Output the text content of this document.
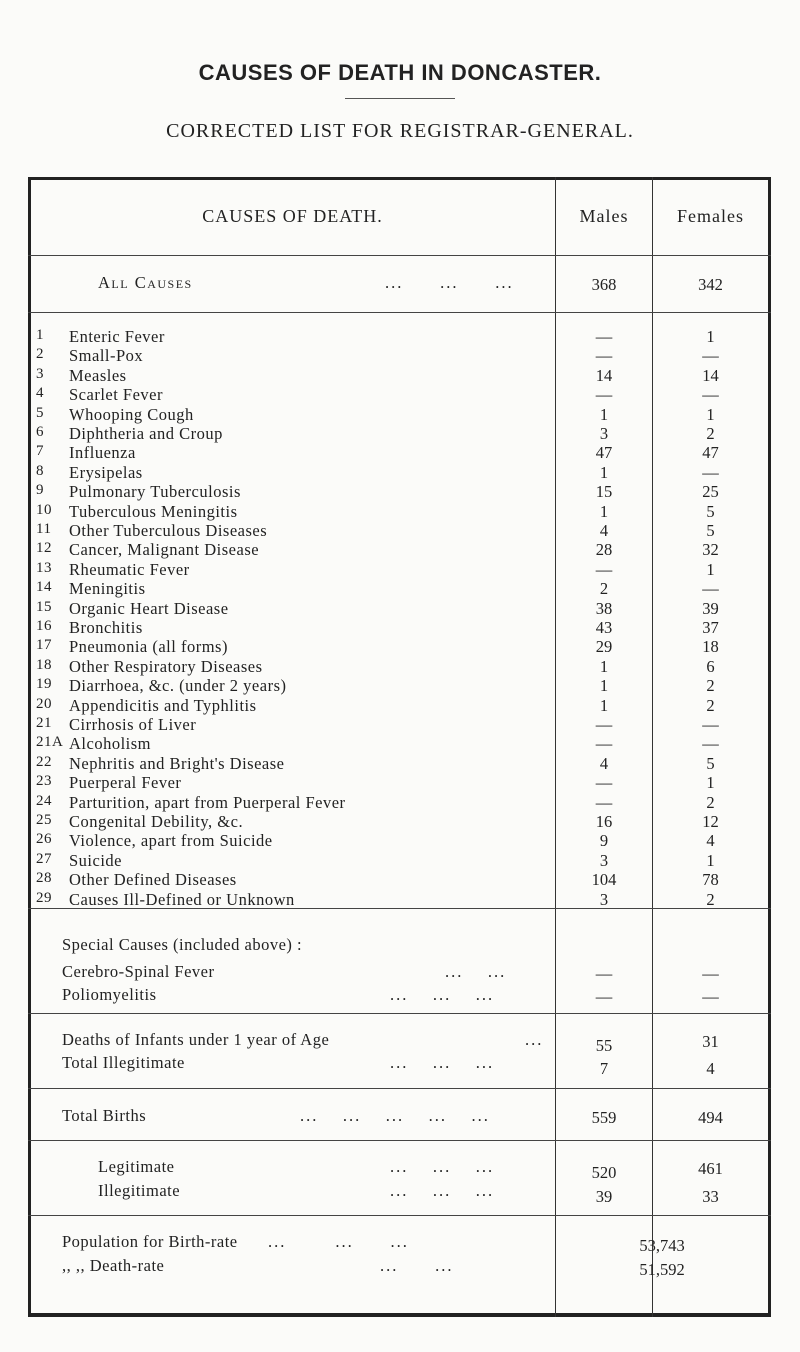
CAUSES OF DEATH IN DONCASTER.
CORRECTED LIST FOR REGISTRAR-GENERAL.
CAUSES OF DEATH.	Males	Females
All Causes	...      ...      ...	368	342
1 Enteric Fever	—	1
2 Small-Pox	—	—
3 Measles	14	14
4 Scarlet Fever	—	—
5 Whooping Cough	1	1
6 Diphtheria and Croup	3	2
7 Influenza	47	47
8 Erysipelas	1	—
9 Pulmonary Tuberculosis	15	25
10 Tuberculous Meningitis	1	5
11 Other Tuberculous Diseases	4	5
12 Cancer, Malignant Disease	28	32
13 Rheumatic Fever	—	1
14 Meningitis	2	—
15 Organic Heart Disease	38	39
16 Bronchitis	43	37
17 Pneumonia (all forms)	29	18
18 Other Respiratory Diseases	1	6
19 Diarrhoea, &c. (under 2 years)	1	2
20 Appendicitis and Typhlitis	1	2
21 Cirrhosis of Liver	—	—
21A Alcoholism	—	—
22 Nephritis and Bright's Disease	4	5
23 Puerperal Fever	—	1
24 Parturition, apart from Puerperal Fever	—	2
25 Congenital Debility, &c.	16	12
26 Violence, apart from Suicide	9	4
27 Suicide	3	1
28 Other Defined Diseases	104	78
29 Causes Ill-Defined or Unknown	3	2
Special Causes (included above) :
Cerebro-Spinal Fever	...    ...	—	—
Poliomyelitis	...    ...    ...	—	—
Deaths of Infants under 1 year of Age	...	55	31
Total Illegitimate	...    ...    ...	7	4
Total Births	...    ...    ...    ...    ...	559	494
Legitimate	...    ...    ...	520	461
Illegitimate	...    ...    ...	39	33
Population for Birth-rate ...        ...      ...	53,743
,, ,, Death-rate	...      ...	51,592
